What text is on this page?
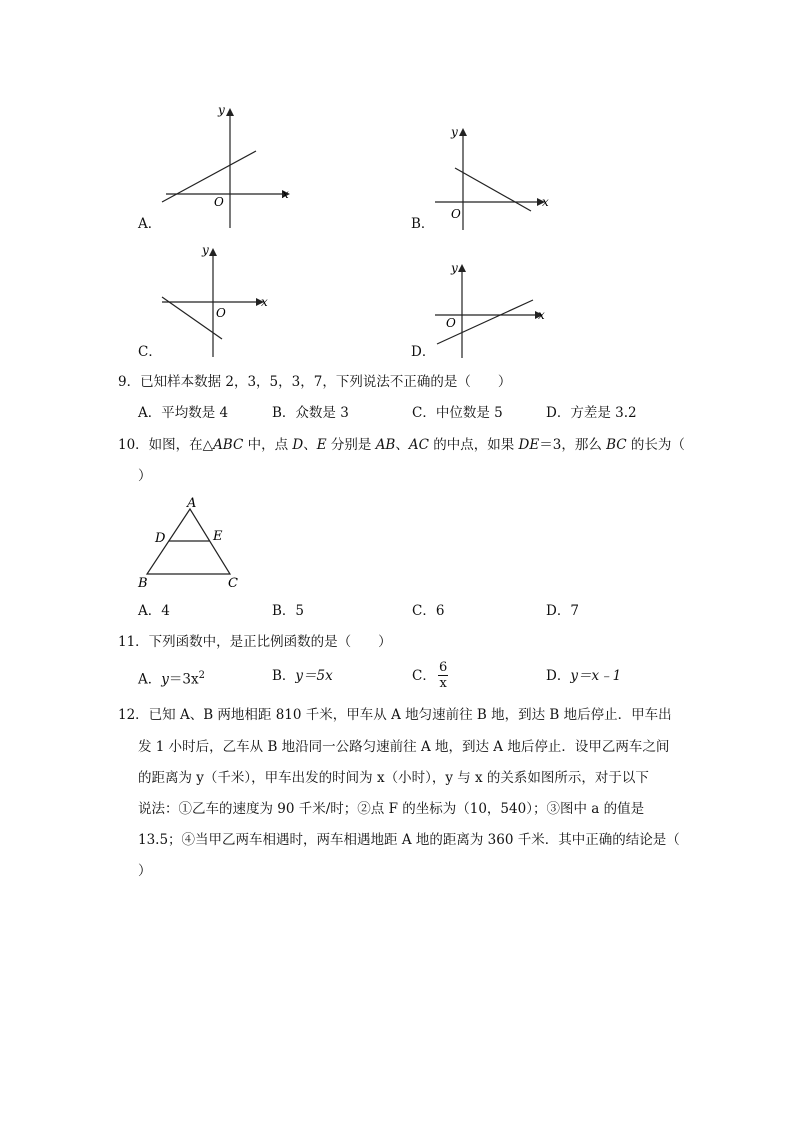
y
x
O
A．
y
x
O
B．
y
x
O
C．
y
x
O
D．
9．已知样本数据 2，3，5，3，7，下列说法不正确的是（　　）
A．平均数是 4	B．众数是 3	C．中位数是 5	D．方差是 3.2
10．如图，在△ABC 中，点 D、E 分别是 AB、AC 的中点，如果 DE＝3，那么 BC 的长为（
）
A
D	E
B	C
A．4	B．5	C．6	D．7
11．下列函数中，是正比例函数的是（　　）
A．$y=3x^2$	B．y＝5x	C． $\frac{6}{x}$	D．y＝x﹣1
12．已知 A、B 两地相距 810 千米，甲车从 A 地匀速前往 B 地，到达 B 地后停止．甲车出
发 1 小时后，乙车从 B 地沿同一公路匀速前往 A 地，到达 A 地后停止．设甲乙两车之间
的距离为 y（千米），甲车出发的时间为 x（小时），y 与 x 的关系如图所示，对于以下
说法：①乙车的速度为 90 千米/时；②点 F 的坐标为（10，540）；③图中 a 的值是
13.5；④当甲乙两车相遇时，两车相遇地距 A 地的距离为 360 千米．其中正确的结论是（
）
